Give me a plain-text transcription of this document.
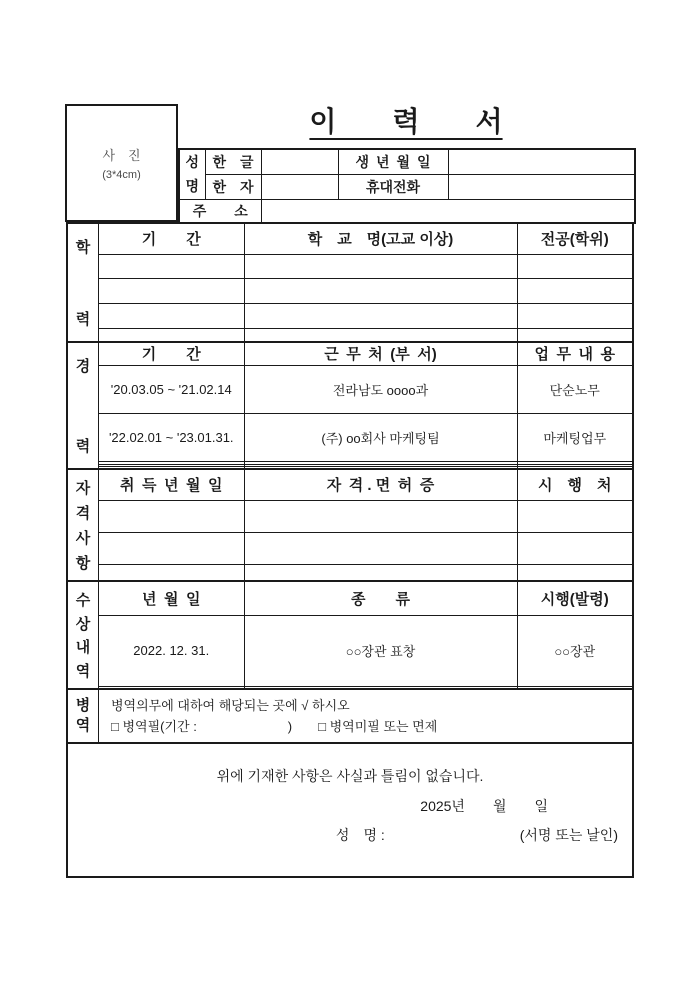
사　진
(3*4cm)
이　　력　　서
성
명	한　글		생 년 월 일	
	한　자		휴대전화	
주　　소				
학
력
기　　간	학　교　명(고교 이상)	전공(학위)

경
력
기　　간	근 무 처 (부 서)	업 무 내 용
'20.03.05 ~ '21.02.14	전라남도 oooo과	단순노무
'22.02.01 ~ '23.01.31.	(주) oo회사 마케팅팀	마케팅업무

자
격
사
항
취 득 년 월 일	자 격 . 면 허 증	시　행　처

수
상
내
역
년 월 일	종　　류	시행(발령)
2022. 12. 31.	○○장관 표창	○○장관

병
역
병역의무에 대하여 해당되는 곳에 √ 하시오
□ 병역필(기간 :　　　　　　　)　　□ 병역미필 또는 면제
위에 기재한 사항은 사실과 틀림이 없습니다.
2025년　　월　　일
성　명 :	(서명 또는 날인)
